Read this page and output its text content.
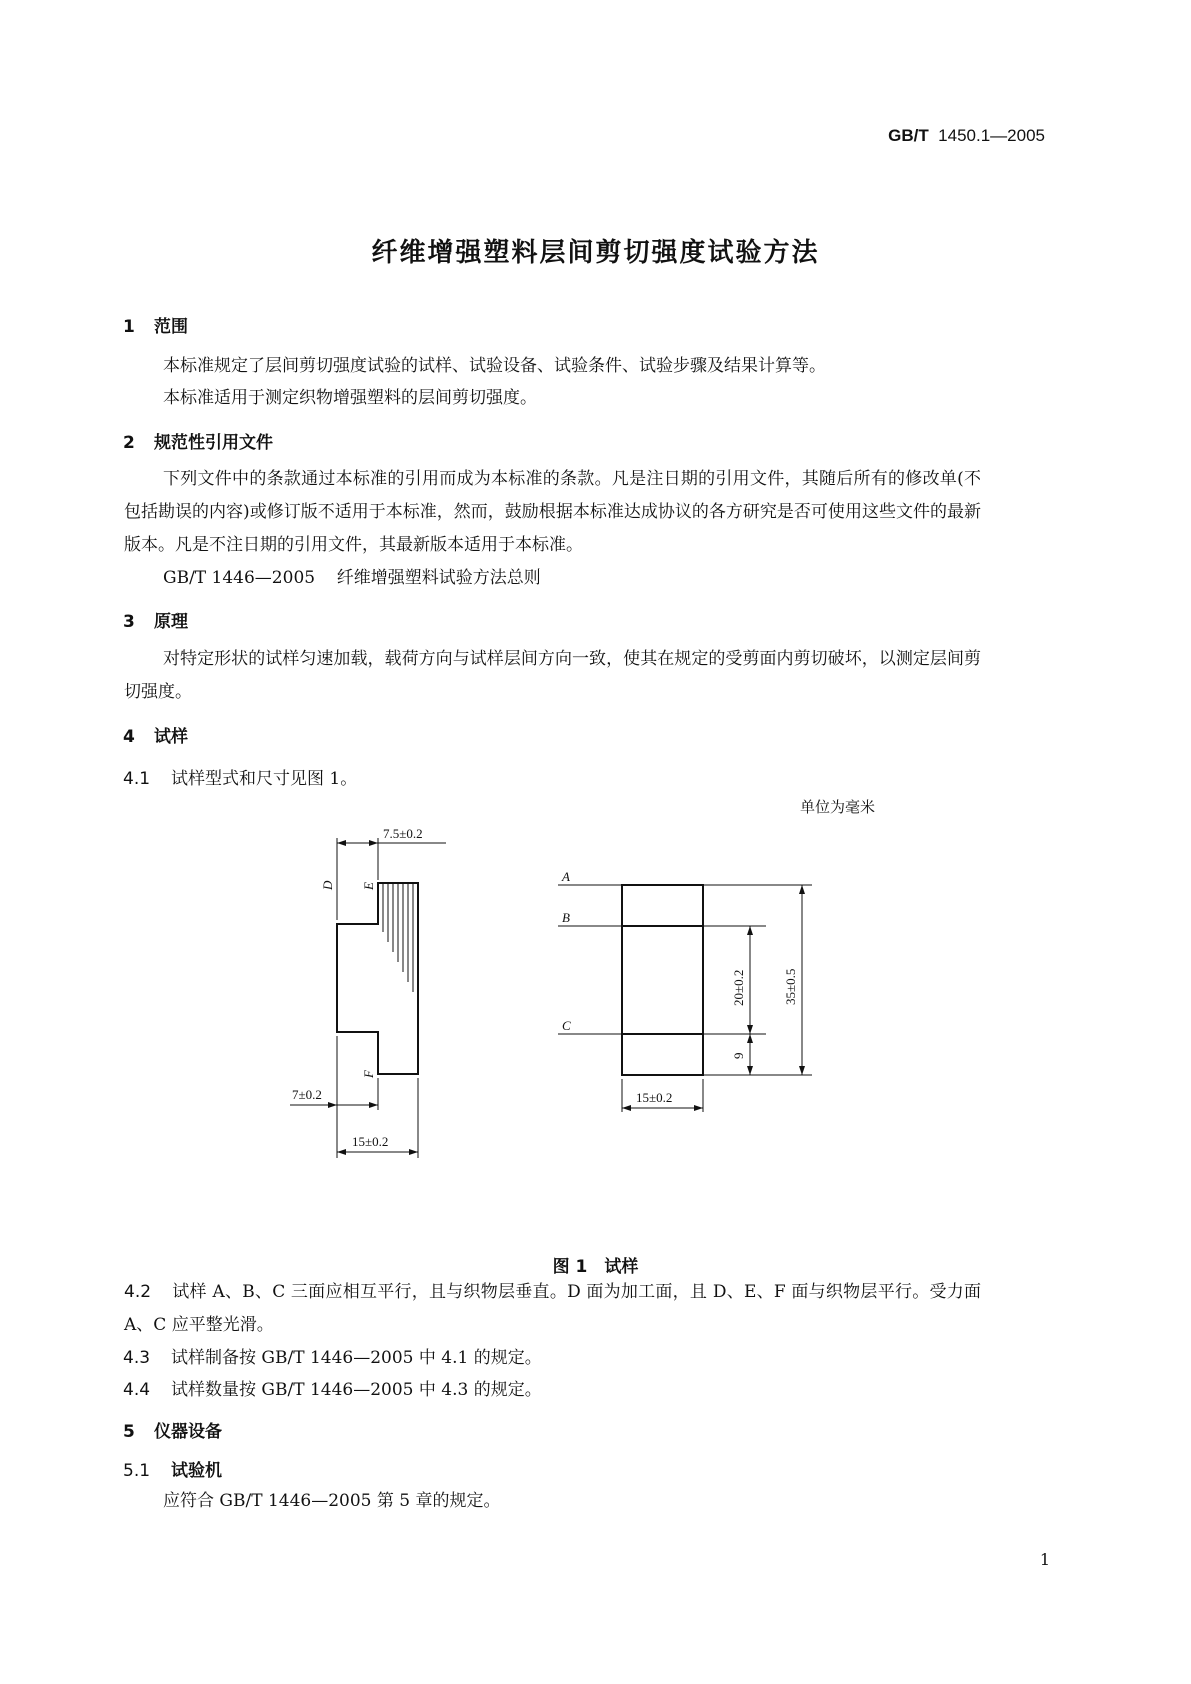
GB/T 1450.1—2005
纤维增强塑料层间剪切强度试验方法
1 范围
本标准规定了层间剪切强度试验的试样、试验设备、试验条件、试验步骤及结果计算等。
本标准适用于测定织物增强塑料的层间剪切强度。
2 规范性引用文件
下列文件中的条款通过本标准的引用而成为本标准的条款。凡是注日期的引用文件，其随后所有的修改单(不包括勘误的内容)或修订版不适用于本标准，然而，鼓励根据本标准达成协议的各方研究是否可使用这些文件的最新版本。凡是不注日期的引用文件，其最新版本适用于本标准。
GB/T 1446—2005 纤维增强塑料试验方法总则
3 原理
对特定形状的试样匀速加载，载荷方向与试样层间方向一致，使其在规定的受剪面内剪切破坏，以测定层间剪切强度。
4 试样
4.1 试样型式和尺寸见图 1。
单位为毫米
7.5±0.2
7±0.2
15±0.2
15±0.2
20±0.2
9
35±0.5
D E
F
A
B
C
图 1　试样
4.2 试样 A、B、C 三面应相互平行，且与织物层垂直。D 面为加工面，且 D、E、F 面与织物层平行。受力面 A、C 应平整光滑。
4.3 试样制备按 GB/T 1446—2005 中 4.1 的规定。
4.4 试样数量按 GB/T 1446—2005 中 4.3 的规定。
5 仪器设备
5.1 试验机
应符合 GB/T 1446—2005 第 5 章的规定。
1
